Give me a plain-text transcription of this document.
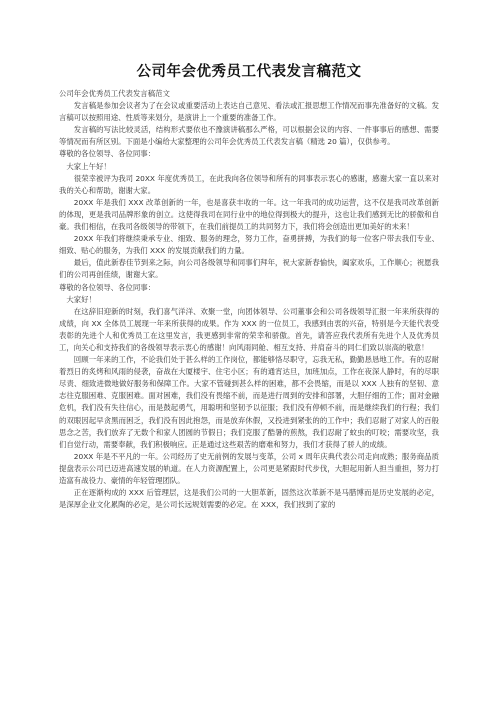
公司年会优秀员工代表发言稿范文

公司年会优秀员工代表发言稿范文

发言稿是参加会议者为了在会议或重要活动上表达自己意见、看法或汇报思想工作情况而事先准备好的文稿。发言稿可以按照用途、性质等来划分，是演讲上一个重要的准备工作。

发言稿的写法比较灵活，结构形式要依也不豫演讲稿那么严格，可以根据会议的内容、一件事事后的感想、需要等情况而有所区别。下面是小编给大家整理的公司年会优秀员工代表发言稿（精选 20 篇），仅供参考。

尊敬的各位领导、各位同事：

大家上午好！

很荣幸被评为我司 20XX 年度优秀员工，在此我向各位领导和所有的同事表示衷心的感谢，感谢大家一直以来对我的关心和帮助，谢谢大家。

20XX 年是我们 XXX 改革创新的一年，也是喜获丰收的一年。这一年我司的成功运营，这不仅是我司改革创新的体现，更是我司品牌形象的创立。这使得我司在同行业中的地位得到极大的提升，这也让我们感到无比的骄傲和自豪。我们相信，在我司各级领导的带领下，在我们前提员工的共同努力下，我们将会创造出更加美好的未来！

20XX 年我们将继续秉承专业、细致、服务的理念，努力工作，奋勇拼搏，为我们的每一位客户带去我们专业、细致、贴心的服务，为我们 XXX 的发展贡献我们的力量。

最后，值此新春佳节到来之际，向公司各级领导和同事们拜年，祝大家新春愉快，阖家欢乐，工作顺心；祝愿我们的公司再创佳绩，谢谢大家。

尊敬的各位领导、各位同事：

大家好！

在这辞旧迎新的时刻，我们喜气洋洋、欢聚一堂，向团体领导、公司董事会和公司各级领导汇报一年来所获得的成绩，向 XX 全体员工展现一年来所获得的成果。作为 XXX 的一位员工，我感到由衷的兴奋，特别是今天能代表受表彰的先进个人和优秀员工在这里发言，我更感到非常的荣幸和骄傲。首先，请答应我代表所有先进个人及优秀员工，向关心和支持我们的各级领导表示衷心的感谢！向风雨同舱、相互支持、并肩奋斗的同仁们致以崇高的敬意！

回顾一年来的工作，不论我们处于甚么样的工作岗位，都能够恪尽职守，忘我无私，勤勤恳恳地工作。有的忍耐着烈日的炙烤和风雨的侵袭，奋战在大厦楼宇、住宅小区；有的通宵达旦，加班加点，工作在夜深人静时，有的尽职尽责、细致进微地做好服务和保障工作。大家不管碰到甚么样的困难，都不会畏缩，而是以 XXX 人独有的坚韧、意志往克服困难、克服困难。面对困难，我们没有畏缩不前，而是进行周到的安排和部署，大胆仔细的工作；面对金融危机，我们没有失往信心，而是鼓起勇气，用聪明和坚韧予以征服；我们没有停顿不前，而是继续我们的行程；我们的双眼因起早贪黑而困乏，我们没有因此抱怨，而是放弃休假，又投进到紧张的的工作中；我们忍耐了对家人的百般思念之苦，我们放弃了无数个和家人团圆的节假日；我们克服了酷暑的煎熬，我们忍耐了蚊虫的叮咬；需要攻坚，我们自觉行动，需要奉献，我们积极响应。正是通过这些艰苦的磨难和努力，我们才获得了骄人的成绩。

20XX 年是不平凡的一年。公司经历了史无前例的发展与变革，公司 x 周年庆典代表公司走向成熟；服务商品质提盘表示公司已迈进高速发展的轨道。在人力资源配置上，公司更是紧跟时代步伐，大胆起用新人担当重担，努力打造富有战役力、豪情的年轻管理团队。

正在逐渐构成的 XXX 后管理层，这是我们公司的一大胆革新，固然这次革新不是马腊博而是历史发展的必定，是深厚企业文化累陶的必定，是公司长远规划需要的必定。在 XXX，我们找到了家的
